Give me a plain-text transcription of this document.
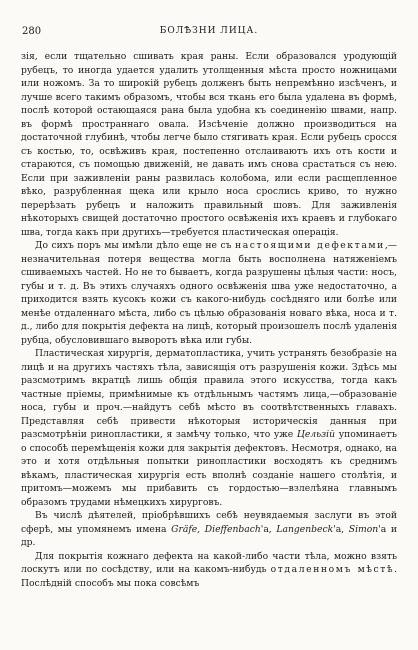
280	БОЛѢЗНИ ЛИЦА.

зія, если тщательно сшивать края раны. Если образовался уродующій рубецъ, то иногда удается удалить утолщенныя мѣста просто ножницами или ножомъ. За то широкій рубецъ долженъ быть непремѣнно изсѣченъ, и лучше всего такимъ образомъ, чтобы вся ткань его была удалена въ формѣ, послѣ которой остающаяся рана была удобна къ соединенію швами, напр. въ формѣ пространнаго овала. Изсѣченіе должно производиться на достаточной глубинѣ, чтобы легче было стягивать края. Если рубецъ сросся съ костью, то, освѣживъ края, постепенно отслаиваютъ ихъ отъ кости и стараются, съ помощью движеній, не давать имъ снова срастаться съ нею. Если при заживленіи раны развилась колобома, или если расщепленное вѣко, разрубленная щека или крыло носа срослись криво, то нужно перерѣзать рубецъ и наложить правильный шовъ. Для заживленія нѣкоторыхъ свищей достаточно простого освѣженія ихъ краевъ и глубокаго шва, тогда какъ при другихъ—требуется пластическая операція.

До сихъ поръ мы имѣли дѣло еще не съ настоящими дефектами,— незначительная потеря вещества могла быть восполнена натяженіемъ сшиваемыхъ частей. Но не то бываетъ, когда разрушены цѣлыя части: носъ, губы и т. д. Въ этихъ случаяхъ одного освѣженія шва уже недостаточно, а приходится взять кусокъ кожи съ какого-нибудь сосѣдняго или болѣе или менѣе отдаленнаго мѣста, либо съ цѣлью образованія новаго вѣка, носа и т. д., либо для покрытія дефекта на лицѣ, который произошелъ послѣ удаленія рубца, обусловившаго выворотъ вѣка или губы.

Пластическая хирургія, дерматопластика, учить устранять безобразіе на лицѣ и на другихъ частяхъ тѣла, зависящія отъ разрушенія кожи. Здѣсь мы разсмотримъ вкратцѣ лишь общія правила этого искусства, тогда какъ частные пріемы, примѣнимые къ отдѣльнымъ частямъ лица,—образованіе носа, губы и проч.—найдутъ себѣ мѣсто въ соотвѣтственныхъ главахъ. Представляя себѣ привести нѣкоторыя историческія данныя при разсмотрѣніи ринопластики, я замѣчу только, что уже Цельзій упоминаетъ о способѣ перемѣщенія кожи для закрытія дефектовъ. Несмотря, однако, на это и хотя отдѣльныя попытки ринопластики восходятъ къ среднимъ вѣкамъ, пластическая хирургія есть вполнѣ созданіе нашего столѣтія, и притомъ—можемъ мы прибавить съ гордостью—взлелѣяна главнымъ образомъ трудами нѣмецкихъ хирурговъ.

Въ числѣ дѣятелей, пріобрѣвшихъ себѣ неувядаемыя заслуги въ этой сферѣ, мы упомянемъ имена Gräfe, Dieffenbach'a, Langenbeck'a, Simon'a и др.

Для покрытія кожнаго дефекта на какой-либо части тѣла, можно взять лоскутъ или по сосѣдству, или на какомъ-нибудь отдаленномъ мѣстѣ. Послѣдній способъ мы пока совсѣмъ
